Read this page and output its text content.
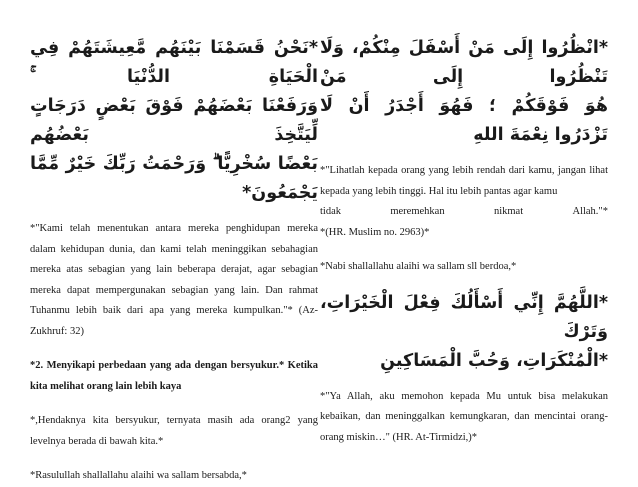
*نَحْنُ قَسَمْنَا بَيْنَهُم مَّعِيشَتَهُمْ فِي الْحَيَاةِ الدُّنْيَا ۚ

وَرَفَعْنَا بَعْضَهُمْ فَوْقَ بَعْضٍ دَرَجَاتٍ لِّيَتَّخِذَ بَعْضُهُم

بَعْضًا سُخْرِيًّا ۗ وَرَحْمَتُ رَبِّكَ خَيْرٌ مِّمَّا يَجْمَعُونَ*

*"Kami telah menentukan antara mereka penghidupan mereka dalam kehidupan dunia, dan kami telah meninggikan sebahagian mereka atas sebagian yang lain beberapa derajat, agar sebagian mereka dapat mempergunakan sebagian yang lain. Dan rahmat Tuhanmu lebih baik dari apa yang mereka kumpulkan."* (Az-Zukhruf: 32)

*2. Menyikapi perbedaan yang ada dengan bersyukur.* Ketika kita melihat orang lain lebih kaya

*,Hendaknya kita bersyukur, ternyata masih ada orang2 yang levelnya berada di bawah kita.*

*Rasulullah shallallahu alaihi wa sallam bersabda,*

*انْظُرُوا إِلَى مَنْ أَسْفَلَ مِنْكُمْ، وَلَا تَنْظُرُوا إِلَى مَنْ

هُوَ فَوْقَكُمْ ؛ فَهُوَ أَجْدَرُ أَنْ لَا تَزْدَرُوا نِعْمَةَ اللهِ

*"Lihatlah kepada orang yang lebih rendah dari kamu, jangan lihat kepada yang lebih tinggi. Hal itu lebih pantas agar kamu

tidak	meremehkan	nikmat	Allah."*

*(HR. Muslim no. 2963)*

*Nabi shallallahu alaihi wa sallam sll berdoa,*

*اللَّهُمَّ إِنِّي أَسْأَلُكَ فِعْلَ الْخَيْرَاتِ، وَتَرْكَ

*الْمُنْكَرَاتِ، وَحُبَّ الْمَسَاكِينِ

*"Ya Allah, aku memohon kepada Mu untuk bisa melakukan kebaikan, dan meninggalkan kemungkaran, dan mencintai orang-orang miskin…" (HR. At-Tirmidzi,)*
